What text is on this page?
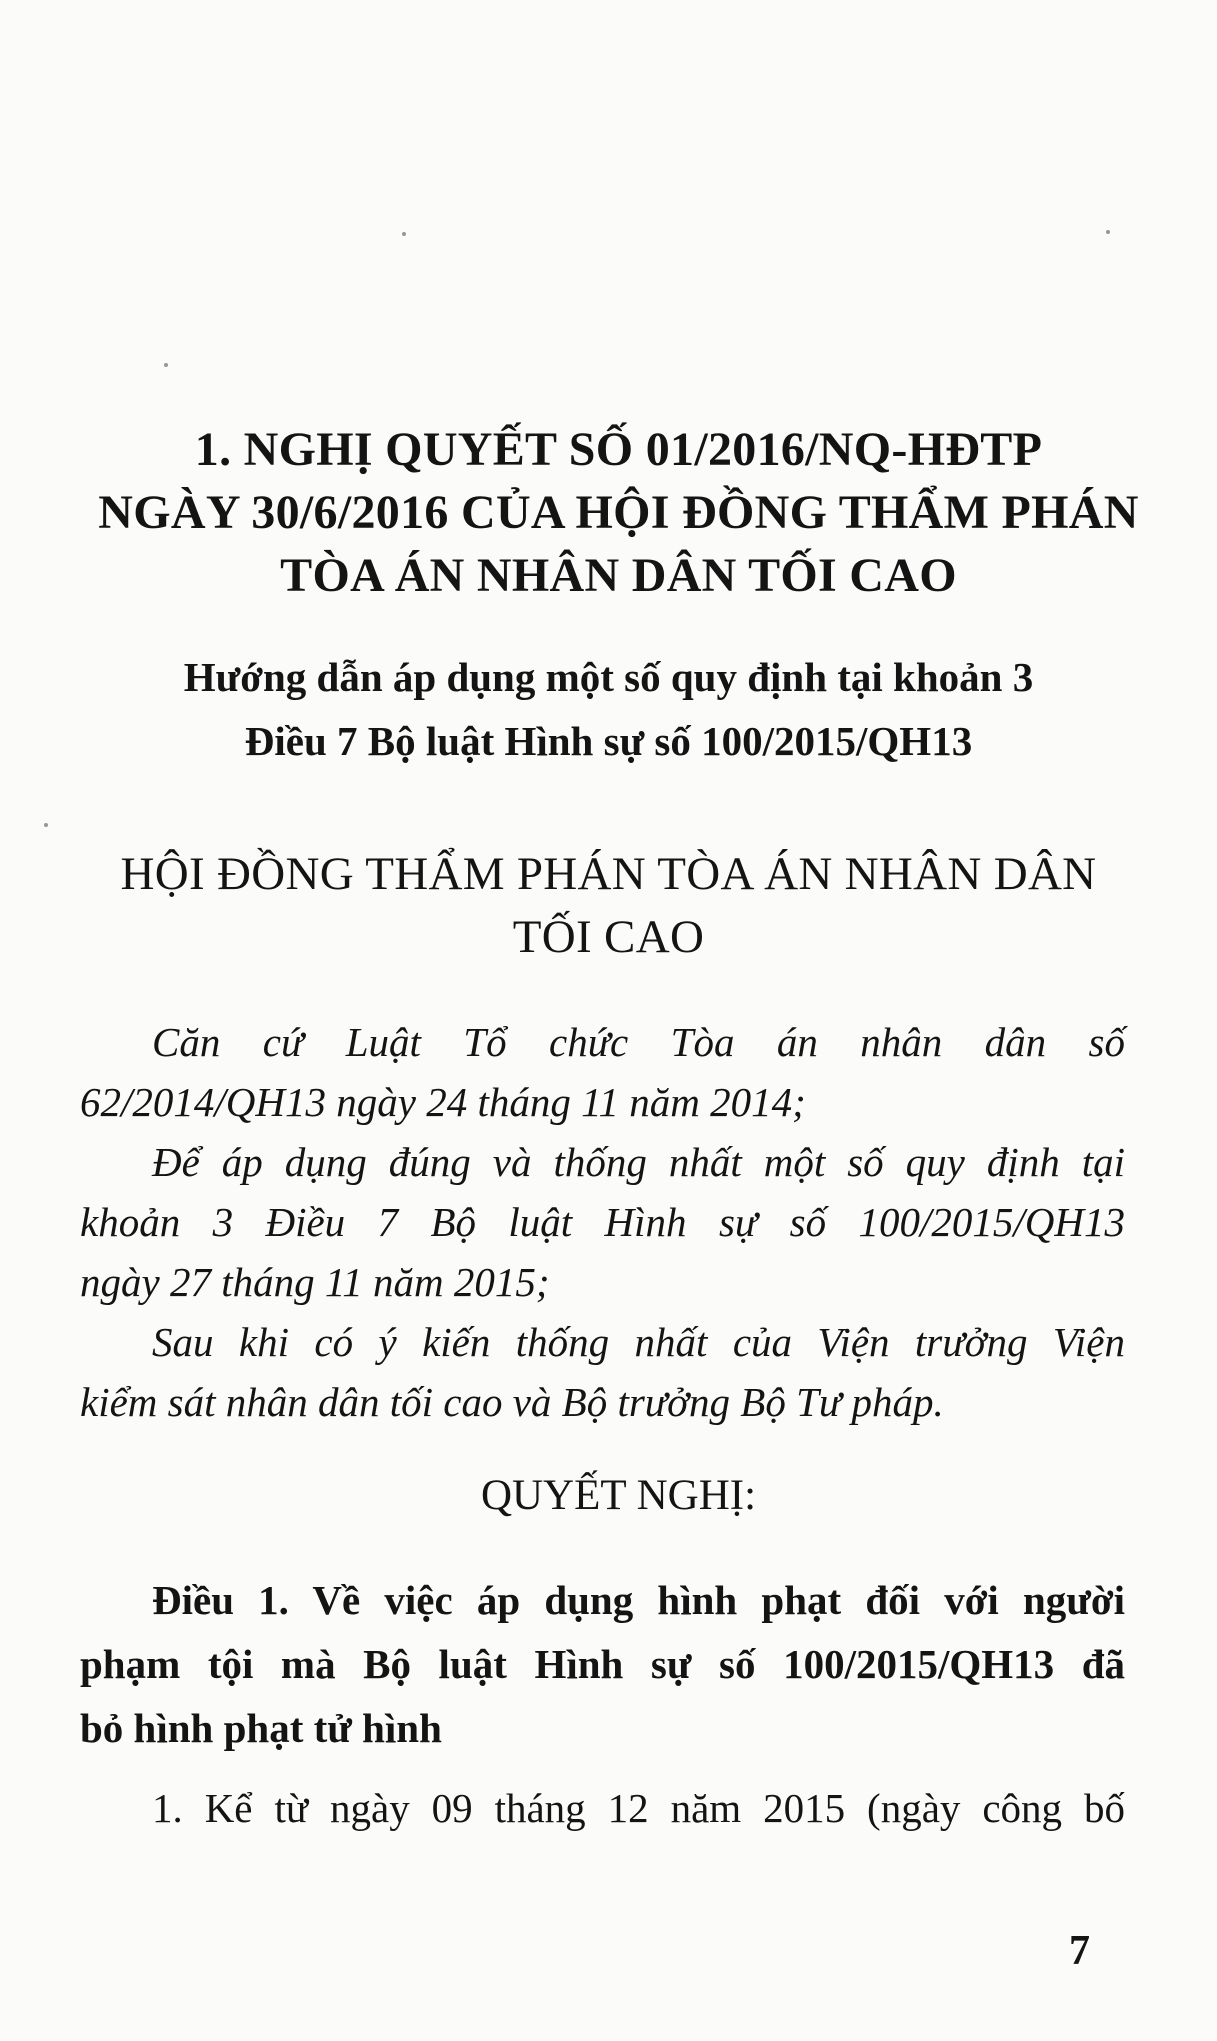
1. NGHỊ QUYẾT SỐ 01/2016/NQ-HĐTP
NGÀY 30/6/2016 CỦA HỘI ĐỒNG THẨM PHÁN
TÒA ÁN NHÂN DÂN TỐI CAO
Hướng dẫn áp dụng một số quy định tại khoản 3
Điều 7 Bộ luật Hình sự số 100/2015/QH13
HỘI ĐỒNG THẨM PHÁN TÒA ÁN NHÂN DÂN
TỐI CAO
Căn cứ Luật Tổ chức Tòa án nhân dân số
62/2014/QH13 ngày 24 tháng 11 năm 2014;
Để áp dụng đúng và thống nhất một số quy định tại
khoản 3 Điều 7 Bộ luật Hình sự số 100/2015/QH13
ngày 27 tháng 11 năm 2015;
Sau khi có ý kiến thống nhất của Viện trưởng Viện
kiểm sát nhân dân tối cao và Bộ trưởng Bộ Tư pháp.
QUYẾT NGHỊ:
Điều 1. Về việc áp dụng hình phạt đối với người
phạm tội mà Bộ luật Hình sự số 100/2015/QH13 đã
bỏ hình phạt tử hình
1. Kể từ ngày 09 tháng 12 năm 2015 (ngày công bố
7
